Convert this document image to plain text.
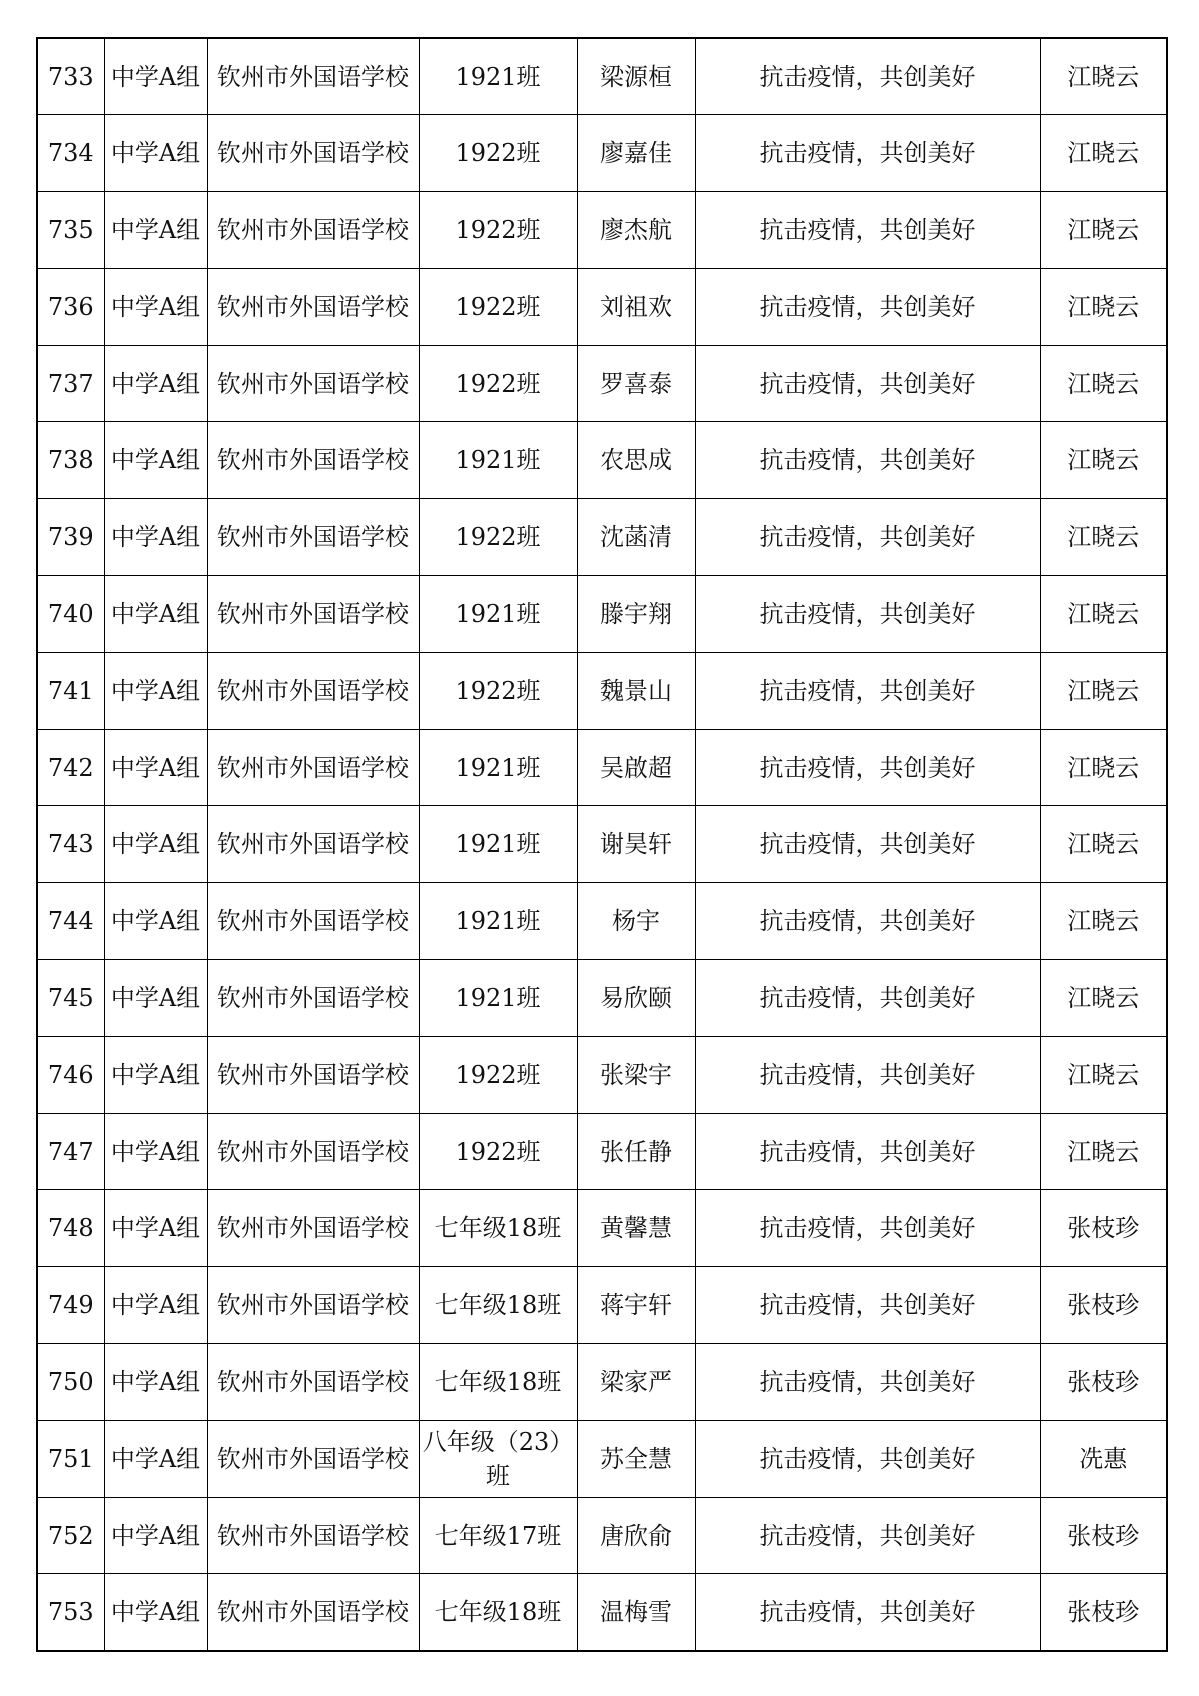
733	中学A组	钦州市外国语学校	1921班	梁源桓	抗击疫情，共创美好	江晓云
734	中学A组	钦州市外国语学校	1922班	廖嘉佳	抗击疫情，共创美好	江晓云
735	中学A组	钦州市外国语学校	1922班	廖杰航	抗击疫情，共创美好	江晓云
736	中学A组	钦州市外国语学校	1922班	刘祖欢	抗击疫情，共创美好	江晓云
737	中学A组	钦州市外国语学校	1922班	罗喜泰	抗击疫情，共创美好	江晓云
738	中学A组	钦州市外国语学校	1921班	农思成	抗击疫情，共创美好	江晓云
739	中学A组	钦州市外国语学校	1922班	沈菡清	抗击疫情，共创美好	江晓云
740	中学A组	钦州市外国语学校	1921班	滕宇翔	抗击疫情，共创美好	江晓云
741	中学A组	钦州市外国语学校	1922班	魏景山	抗击疫情，共创美好	江晓云
742	中学A组	钦州市外国语学校	1921班	吴啟超	抗击疫情，共创美好	江晓云
743	中学A组	钦州市外国语学校	1921班	谢昊轩	抗击疫情，共创美好	江晓云
744	中学A组	钦州市外国语学校	1921班	杨宇	抗击疫情，共创美好	江晓云
745	中学A组	钦州市外国语学校	1921班	易欣颐	抗击疫情，共创美好	江晓云
746	中学A组	钦州市外国语学校	1922班	张梁宇	抗击疫情，共创美好	江晓云
747	中学A组	钦州市外国语学校	1922班	张任静	抗击疫情，共创美好	江晓云
748	中学A组	钦州市外国语学校	七年级18班	黄馨慧	抗击疫情，共创美好	张枝珍
749	中学A组	钦州市外国语学校	七年级18班	蒋宇轩	抗击疫情，共创美好	张枝珍
750	中学A组	钦州市外国语学校	七年级18班	梁家严	抗击疫情，共创美好	张枝珍
751	中学A组	钦州市外国语学校	八年级（23）班	苏全慧	抗击疫情，共创美好	冼惠
752	中学A组	钦州市外国语学校	七年级17班	唐欣俞	抗击疫情，共创美好	张枝珍
753	中学A组	钦州市外国语学校	七年级18班	温梅雪	抗击疫情，共创美好	张枝珍
